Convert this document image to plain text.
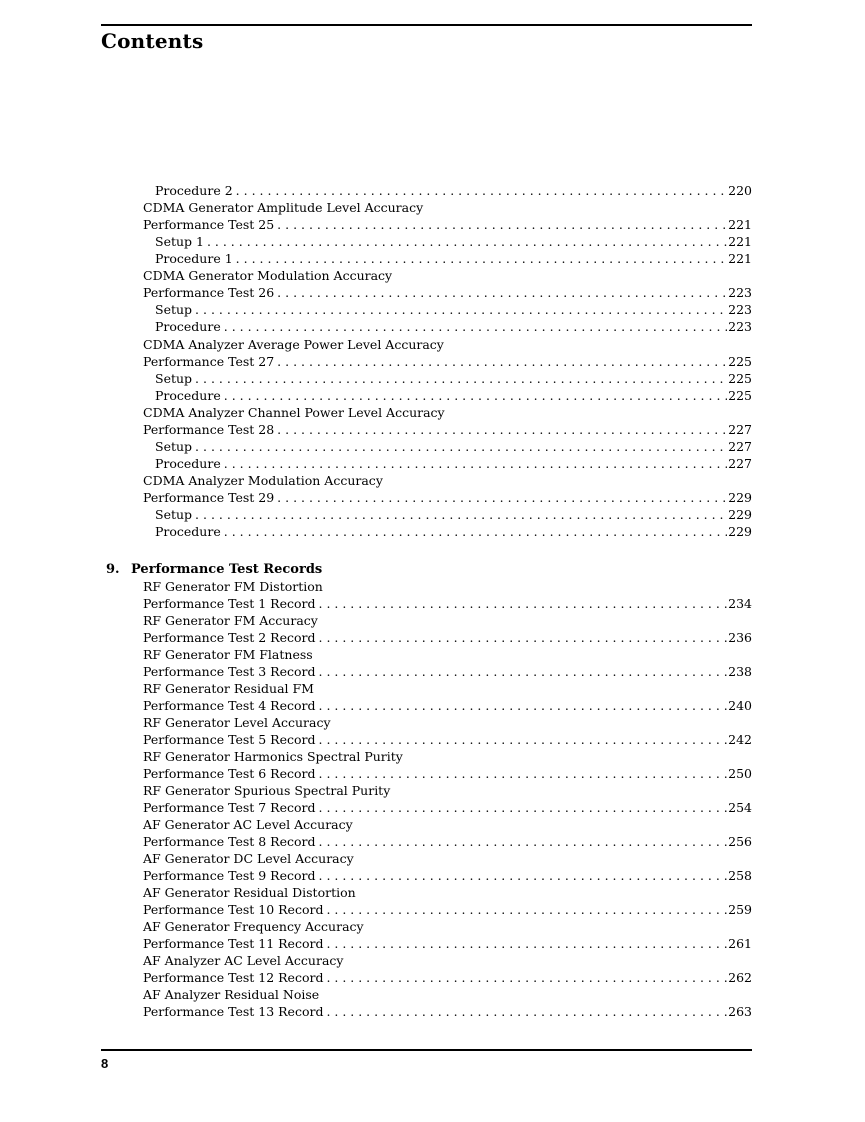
Contents
Procedure 2 . . .	220
CDMA Generator Amplitude Level Accuracy
Performance Test 25 . . .	221
Setup 1 . . .	221
Procedure 1 . . .	221
CDMA Generator Modulation Accuracy
Performance Test 26 . . .	223
Setup . . .	223
Procedure . . .	223
CDMA Analyzer Average Power Level Accuracy
Performance Test 27 . . .	225
Setup . . .	225
Procedure . . .	225
CDMA Analyzer Channel Power Level Accuracy
Performance Test 28 . . .	227
Setup . . .	227
Procedure . . .	227
CDMA Analyzer Modulation Accuracy
Performance Test 29 . . .	229
Setup . . .	229
Procedure . . .	229
9. Performance Test Records
RF Generator FM Distortion
Performance Test 1 Record . . .	234
RF Generator FM Accuracy
Performance Test 2 Record . . .	236
RF Generator FM Flatness
Performance Test 3 Record . . .	238
RF Generator Residual FM
Performance Test 4 Record . . .	240
RF Generator Level Accuracy
Performance Test 5 Record . . .	242
RF Generator Harmonics Spectral Purity
Performance Test 6 Record . . .	250
RF Generator Spurious Spectral Purity
Performance Test 7 Record . . .	254
AF Generator AC Level Accuracy
Performance Test 8 Record . . .	256
AF Generator DC Level Accuracy
Performance Test 9 Record . . .	258
AF Generator Residual Distortion
Performance Test 10 Record . . .	259
AF Generator Frequency Accuracy
Performance Test 11 Record . . .	261
AF Analyzer AC Level Accuracy
Performance Test 12 Record . . .	262
AF Analyzer Residual Noise
Performance Test 13 Record . . .	263
8
